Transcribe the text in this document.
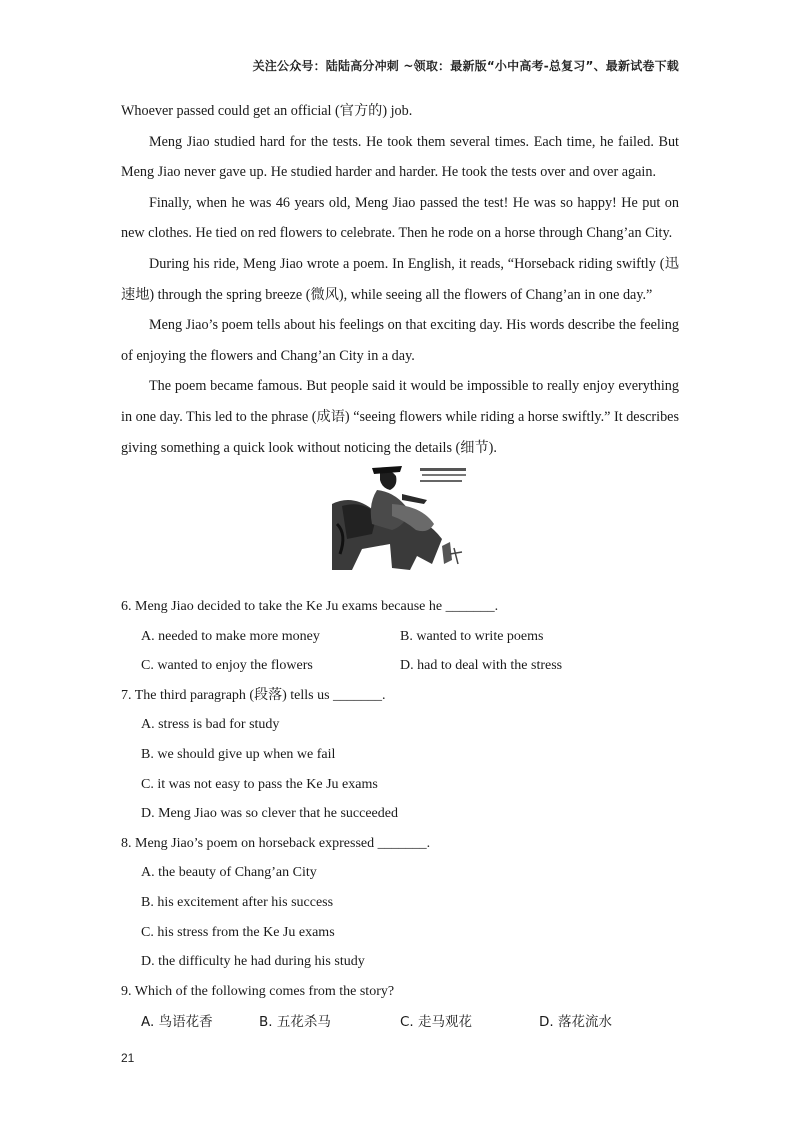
关注公众号：陆陆高分冲刺 ~领取：最新版“小中高考-总复习”、最新试卷下载

Whoever passed could get an official (官方的) job.

Meng Jiao studied hard for the tests. He took them several times. Each time, he failed. But Meng Jiao never gave up. He studied harder and harder. He took the tests over and over again.

Finally, when he was 46 years old, Meng Jiao passed the test! He was so happy! He put on new clothes. He tied on red flowers to celebrate. Then he rode on a horse through Chang’an City.

During his ride, Meng Jiao wrote a poem. In English, it reads, “Horseback riding swiftly (迅速地) through the spring breeze (微风), while seeing all the flowers of Chang’an in one day.”

Meng Jiao’s poem tells about his feelings on that exciting day. His words describe the feeling of enjoying the flowers and Chang’an City in a day.

The poem became famous. But people said it would be impossible to really enjoy everything in one day. This led to the phrase (成语) “seeing flowers while riding a horse swiftly.” It describes giving something a quick look without noticing the details (细节).

6. Meng Jiao decided to take the Ke Ju exams because he _______.
A. needed to make more money	B. wanted to write poems
C. wanted to enjoy the flowers	D. had to deal with the stress
7. The third paragraph (段落) tells us _______.
A. stress is bad for study
B. we should give up when we fail
C. it was not easy to pass the Ke Ju exams
D. Meng Jiao was so clever that he succeeded
8. Meng Jiao’s poem on horseback expressed _______.
A. the beauty of Chang’an City
B. his excitement after his success
C. his stress from the Ke Ju exams
D. the difficulty he had during his study
9. Which of the following comes from the story?
A. 鸟语花香	B. 五花杀马	C. 走马观花	D. 落花流水
21
